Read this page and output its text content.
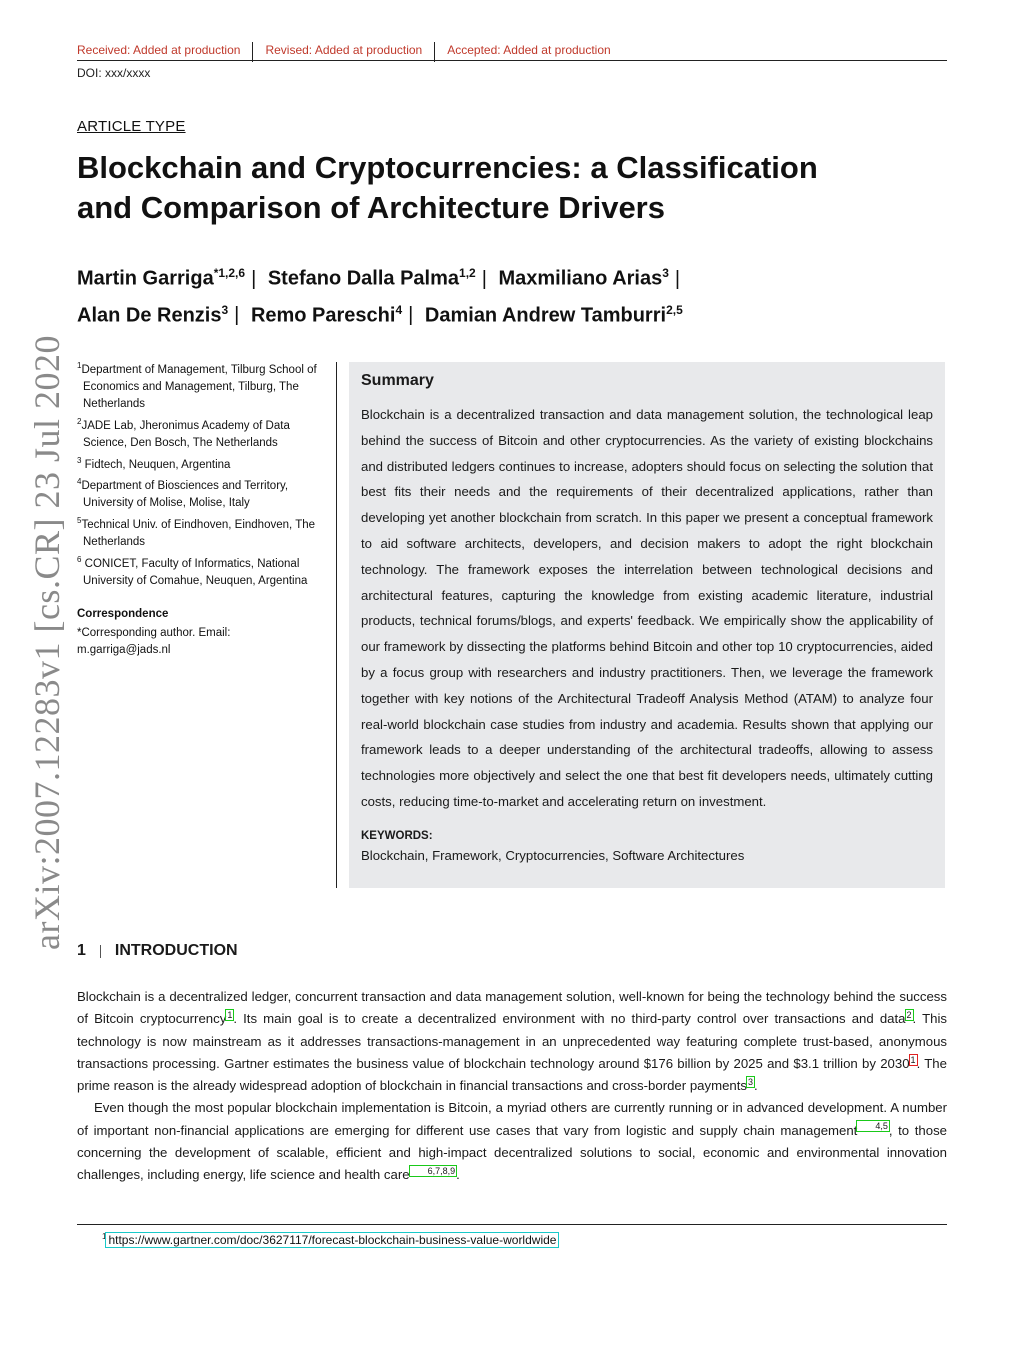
Received: Added at production	Revised: Added at production	Accepted: Added at production
DOI: xxx/xxxx
arXiv:2007.12283v1 [cs.CR] 23 Jul 2020
ARTICLE TYPE
Blockchain and Cryptocurrencies: a Classification and Comparison of Architecture Drivers
Martin Garriga$^{*1,2,6}$ | Stefano Dalla Palma$^{1,2}$ | Maxmiliano Arias$^3$ |
Alan De Renzis$^3$ | Remo Pareschi$^4$ | Damian Andrew Tamburri$^{2,5}$
$^1$Department of Management, Tilburg School of Economics and Management, Tilburg, The Netherlands
$^2$JADE Lab, Jheronimus Academy of Data Science, Den Bosch, The Netherlands
$^3$ Fidtech, Neuquen, Argentina
$^4$Department of Biosciences and Territory, University of Molise, Molise, Italy
$^5$Technical Univ. of Eindhoven, Eindhoven, The Netherlands
$^6$ CONICET, Faculty of Informatics, National University of Comahue, Neuquen, Argentina
Correspondence
*Corresponding author. Email: m.garriga@jads.nl
Summary

Blockchain is a decentralized transaction and data management solution, the technological leap behind the success of Bitcoin and other cryptocurrencies. As the variety of existing blockchains and distributed ledgers continues to increase, adopters should focus on selecting the solution that best fits their needs and the requirements of their decentralized applications, rather than developing yet another blockchain from scratch. In this paper we present a conceptual framework to aid software architects, developers, and decision makers to adopt the right blockchain technology. The framework exposes the interrelation between technological decisions and architectural features, capturing the knowledge from existing academic literature, industrial products, technical forums/blogs, and experts' feedback. We empirically show the applicability of our framework by dissecting the platforms behind Bitcoin and other top 10 cryptocurrencies, aided by a focus group with researchers and industry practitioners. Then, we leverage the framework together with key notions of the Architectural Tradeoff Analysis Method (ATAM) to analyze four real-world blockchain case studies from industry and academia. Results shown that applying our framework leads to a deeper understanding of the architectural tradeoffs, allowing to assess technologies more objectively and select the one that best fit developers needs, ultimately cutting costs, reducing time-to-market and accelerating return on investment.

KEYWORDS:
Blockchain, Framework, Cryptocurrencies, Software Architectures
1 INTRODUCTION

Blockchain is a decentralized ledger, concurrent transaction and data management solution, well-known for being the technology behind the success of Bitcoin cryptocurrency1. Its main goal is to create a decentralized environment with no third-party control over transactions and data2. This technology is now mainstream as it addresses transactions-management in an unprecedented way featuring complete trust-based, anonymous transactions processing. Gartner estimates the business value of blockchain technology around $176 billion by 2025 and $3.1 trillion by 20301. The prime reason is the already widespread adoption of blockchain in financial transactions and cross-border payments3.

Even though the most popular blockchain implementation is Bitcoin, a myriad others are currently running or in advanced development. A number of important non-financial applications are emerging for different use cases that vary from logistic and supply chain management 4,5, to those concerning the development of scalable, efficient and high-impact decentralized solutions to social, economic and environmental innovation challenges, including energy, life science and health care 6,7,8,9.

$^1$ https://www.gartner.com/doc/3627117/forecast-blockchain-business-value-worldwide
